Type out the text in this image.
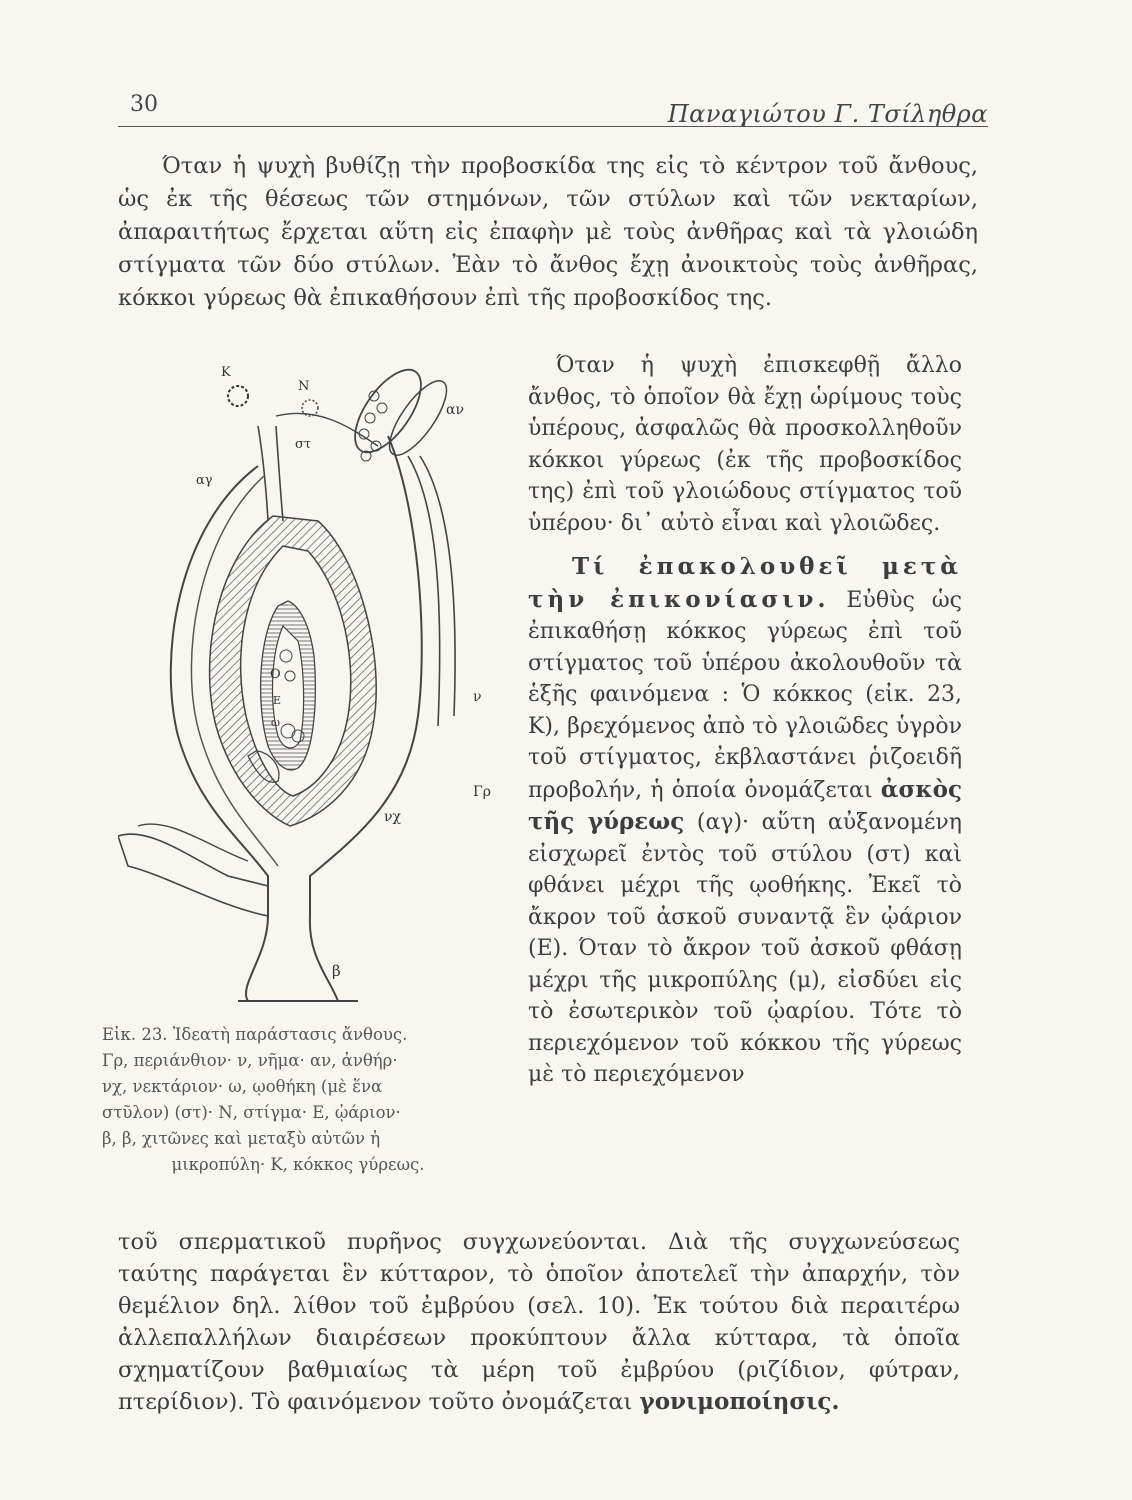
30	Παναγιώτου Γ. Τσίληθρα

Όταν ἡ ψυχὴ βυθίζῃ τὴν προβοσκίδα της εἰς τὸ κέντρον τοῦ ἄνθους, ὡς ἐκ τῆς θέσεως τῶν στημόνων, τῶν στύλων καὶ τῶν νεκταρίων, ἀπαραιτήτως ἔρχεται αὕτη εἰς ἐπαφὴν μὲ τοὺς ἀνθῆρας καὶ τὰ γλοιώδη στίγματα τῶν δύο στύλων. Ἐὰν τὸ ἄνθος ἔχῃ ἀνοικτοὺς τοὺς ἀνθῆρας, κόκκοι γύρεως θὰ ἐπικαθήσουν ἐπὶ τῆς προβοσκίδος της.

Κ
Ν
αν
στ
αγ
Ο
Ε
ω
ν
Γρ
νχ
β
Εἰκ. 23. Ἰδεατὴ παράστασις ἄνθους.
Γρ, περιάνθιον· ν, νῆμα· αν, ἀνθήρ·
νχ, νεκτάριον· ω, ῳοθήκη (μὲ ἕνα
στῦλον) (στ)· Ν, στίγμα· Ε, ᾠάριον·
β, β, χιτῶνες καὶ μεταξὺ αὐτῶν ἡ
μικροπύλη· Κ, κόκκος γύρεως.

Όταν ἡ ψυχὴ ἐπισκεφθῇ ἄλλο ἄνθος, τὸ ὁποῖον θὰ ἔχῃ ὡρίμους τοὺς ὑπέρους, ἀσφαλῶς θὰ προσκολληθοῦν κόκκοι γύρεως (ἐκ τῆς προβοσκίδος της) ἐπὶ τοῦ γλοιώδους στίγματος τοῦ ὑπέρου· δι᾿ αὐτὸ εἶναι καὶ γλοιῶδες.

Τί ἐπακολουθεῖ μετὰ τὴν ἐπικονίασιν. Εὐθὺς ὡς ἐπικαθήσῃ κόκκος γύρεως ἐπὶ τοῦ στίγματος τοῦ ὑπέρου ἀκολουθοῦν τὰ ἑξῆς φαινόμενα : Ὁ κόκκος (εἰκ. 23, Κ), βρεχόμενος ἀπὸ τὸ γλοιῶδες ὑγρὸν τοῦ στίγματος, ἐκβλαστάνει ῥιζοειδῆ προβολήν, ἡ ὁποία ὀνομάζεται ἀσκὸς τῆς γύρεως (αγ)· αὕτη αὐξανομένη εἰσχωρεῖ ἐντὸς τοῦ στύλου (στ) καὶ φθάνει μέχρι τῆς ῳοθήκης. Ἐκεῖ τὸ ἄκρον τοῦ ἀσκοῦ συναντᾷ ἓν ᾠάριον (Ε). Όταν τὸ ἄκρον τοῦ ἀσκοῦ φθάσῃ μέχρι τῆς μικροπύλης (μ), εἰσδύει εἰς τὸ ἐσωτερικὸν τοῦ ᾠαρίου. Τότε τὸ περιεχόμενον τοῦ κόκκου τῆς γύρεως μὲ τὸ περιεχόμενον

τοῦ σπερματικοῦ πυρῆνος συγχωνεύονται. Διὰ τῆς συγχωνεύσεως ταύτης παράγεται ἓν κύτταρον, τὸ ὁποῖον ἀποτελεῖ τὴν ἀπαρχήν, τὸν θεμέλιον δηλ. λίθον τοῦ ἐμβρύου (σελ. 10). Ἐκ τούτου διὰ περαιτέρω ἀλλεπαλλήλων διαιρέσεων προκύπτουν ἄλλα κύτταρα, τὰ ὁποῖα σχηματίζουν βαθμιαίως τὰ μέρη τοῦ ἐμβρύου (ριζίδιον, φύτραν, πτερίδιον). Τὸ φαινόμενον τοῦτο ὀνομάζεται γονιμοποίησις.
